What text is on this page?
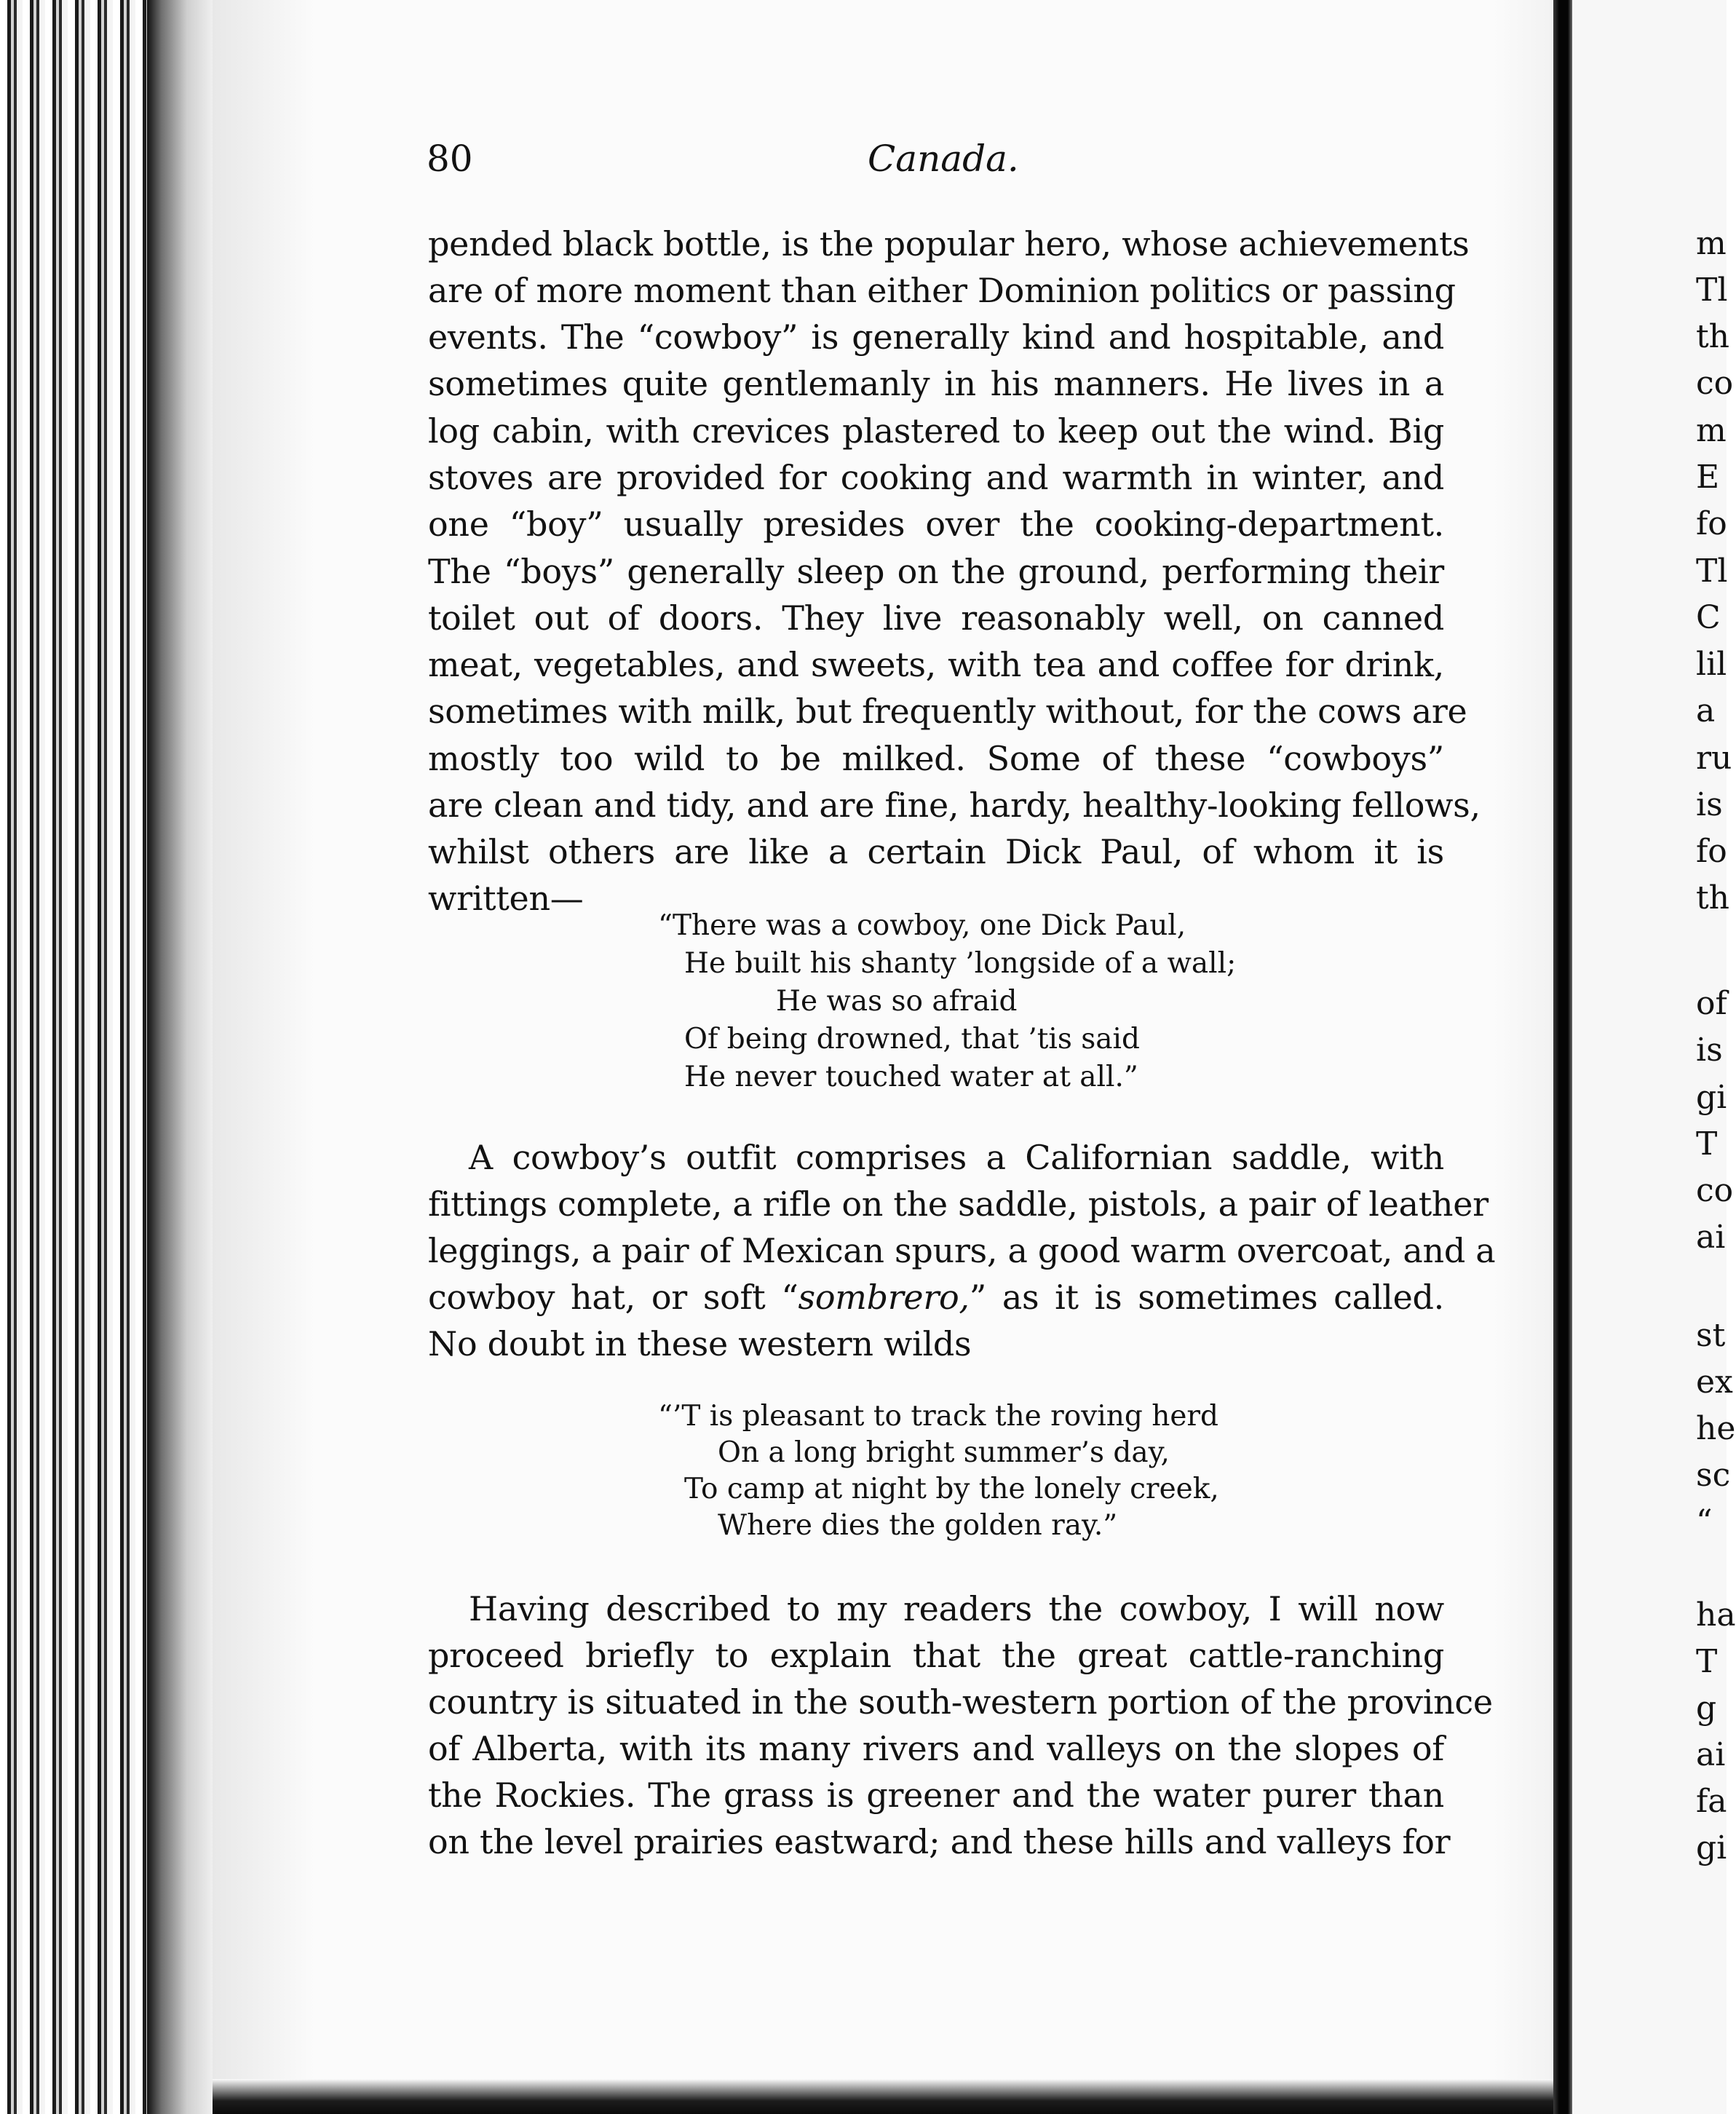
80	Canada.
pended black bottle, is the popular hero, whose achievements
are of more moment than either Dominion politics or passing
events. The “cowboy” is generally kind and hospitable, and
sometimes quite gentlemanly in his manners. He lives in a
log cabin, with crevices plastered to keep out the wind. Big
stoves are provided for cooking and warmth in winter, and
one “boy” usually presides over the cooking-department.
The “boys” generally sleep on the ground, performing their
toilet out of doors. They live reasonably well, on canned
meat, vegetables, and sweets, with tea and coffee for drink,
sometimes with milk, but frequently without, for the cows are
mostly too wild to be milked. Some of these “cowboys”
are clean and tidy, and are fine, hardy, healthy-looking fellows,
whilst others are like a certain Dick Paul, of whom it is
written—
“There was a cowboy, one Dick Paul,
He built his shanty ’longside of a wall;
He was so afraid
Of being drowned, that ’tis said
He never touched water at all.”
A cowboy’s outfit comprises a Californian saddle, with
fittings complete, a rifle on the saddle, pistols, a pair of leather
leggings, a pair of Mexican spurs, a good warm overcoat, and a
cowboy hat, or soft “sombrero,” as it is sometimes called.
No doubt in these western wilds
“’T is pleasant to track the roving herd
On a long bright summer’s day,
To camp at night by the lonely creek,
Where dies the golden ray.”
Having described to my readers the cowboy, I will now
proceed briefly to explain that the great cattle-ranching
country is situated in the south-western portion of the province
of Alberta, with its many rivers and valleys on the slopes of
the Rockies. The grass is greener and the water purer than
on the level prairies eastward; and these hills and valleys for
m
Tl
th
co
m
E
fo
Tl
C
lil
a
ru
is
fo
th
of
is
gi
T
co
ai
st
ex
he
sc
“
ha
T
g
ai
fa
gi
